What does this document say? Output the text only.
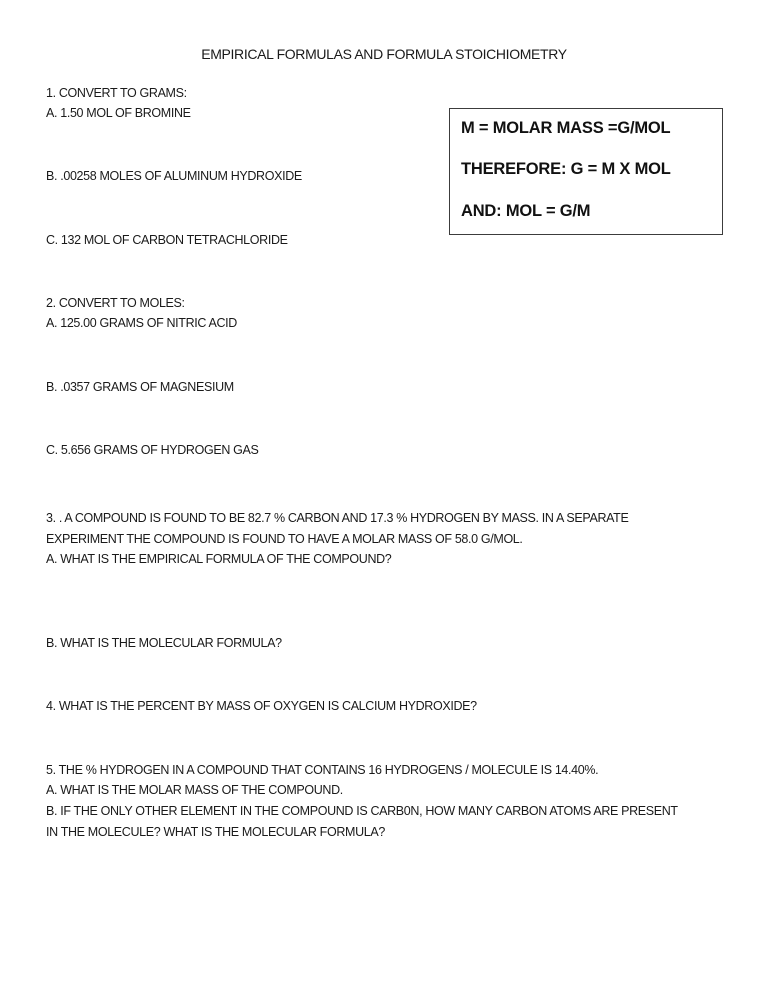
EMPIRICAL FORMULAS AND FORMULA STOICHIOMETRY
M = MOLAR MASS =G/MOL
THEREFORE: G = M X MOL
AND: MOL = G/M
1. CONVERT TO GRAMS:
A. 1.50 MOL OF BROMINE
B. .00258 MOLES OF ALUMINUM HYDROXIDE
C. 132 MOL OF CARBON TETRACHLORIDE
2. CONVERT TO MOLES:
A. 125.00 GRAMS OF NITRIC ACID
B. .0357 GRAMS OF MAGNESIUM
C. 5.656 GRAMS OF HYDROGEN GAS
3. . A COMPOUND IS FOUND TO BE 82.7 % CARBON AND 17.3 % HYDROGEN BY MASS. IN A SEPARATE
EXPERIMENT THE COMPOUND IS FOUND TO HAVE A MOLAR MASS OF 58.0 G/MOL.
A. WHAT IS THE EMPIRICAL FORMULA OF THE COMPOUND?
B. WHAT IS THE MOLECULAR FORMULA?
4. WHAT IS THE PERCENT BY MASS OF OXYGEN IS CALCIUM HYDROXIDE?
5. THE % HYDROGEN IN A COMPOUND THAT CONTAINS 16 HYDROGENS / MOLECULE IS 14.40%.
A. WHAT IS THE MOLAR MASS OF THE COMPOUND.
B. IF THE ONLY OTHER ELEMENT IN THE COMPOUND IS CARB0N, HOW MANY CARBON ATOMS ARE PRESENT
IN THE MOLECULE? WHAT IS THE MOLECULAR FORMULA?
